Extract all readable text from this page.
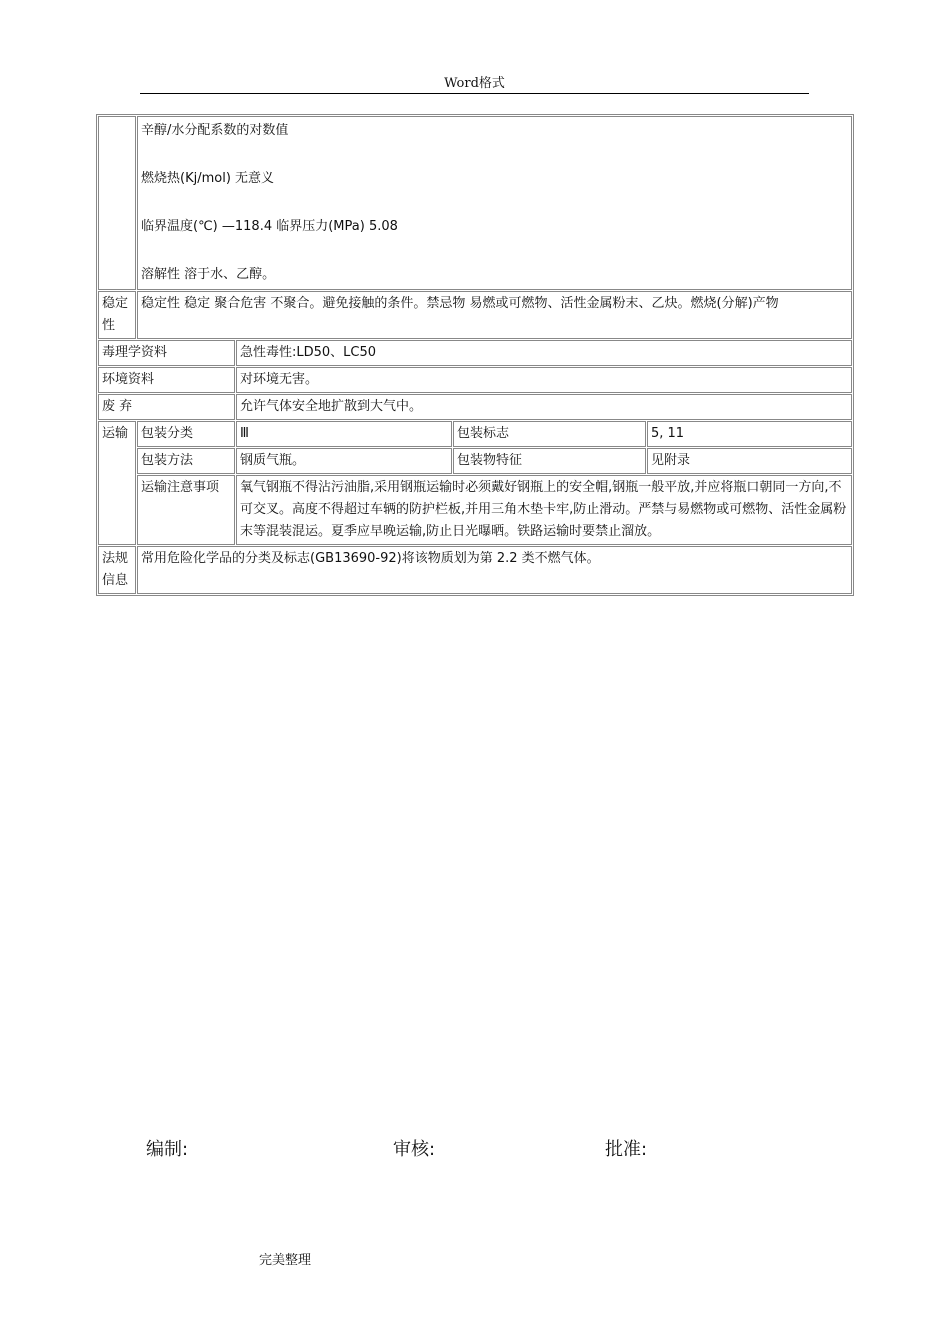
Word格式

	辛醇/水分配系数的对数值

燃烧热(Kj/mol) 无意义

临界温度(℃) —118.4 临界压力(MPa) 5.08

溶解性 溶于水、乙醇。			

稳定性	稳定性 稳定 聚合危害 不聚合。避免接触的条件。禁忌物 易燃或可燃物、活性金属粉末、乙炔。燃烧(分解)产物			
毒理学资料		急性毒性:LD50、LC50		
环境资料		对环境无害。		
废 弃		允许气体安全地扩散到大气中。		
运输	包装分类	Ⅲ	包装标志	5, 11
	包装方法	钢质气瓶。	包装物特征	见附录
	运输注意事项	氧气钢瓶不得沾污油脂,采用钢瓶运输时必须戴好钢瓶上的安全帽,钢瓶一般平放,并应将瓶口朝同一方向,不可交叉。高度不得超过车辆的防护栏板,并用三角木垫卡牢,防止滑动。严禁与易燃物或可燃物、活性金属粉末等混装混运。夏季应早晚运输,防止日光曝晒。铁路运输时要禁止溜放。		
法规信息	常用危险化学品的分类及标志(GB13690-92)将该物质划为第 2.2 类不燃气体。			
编制:	审核:	批准:
完美整理
